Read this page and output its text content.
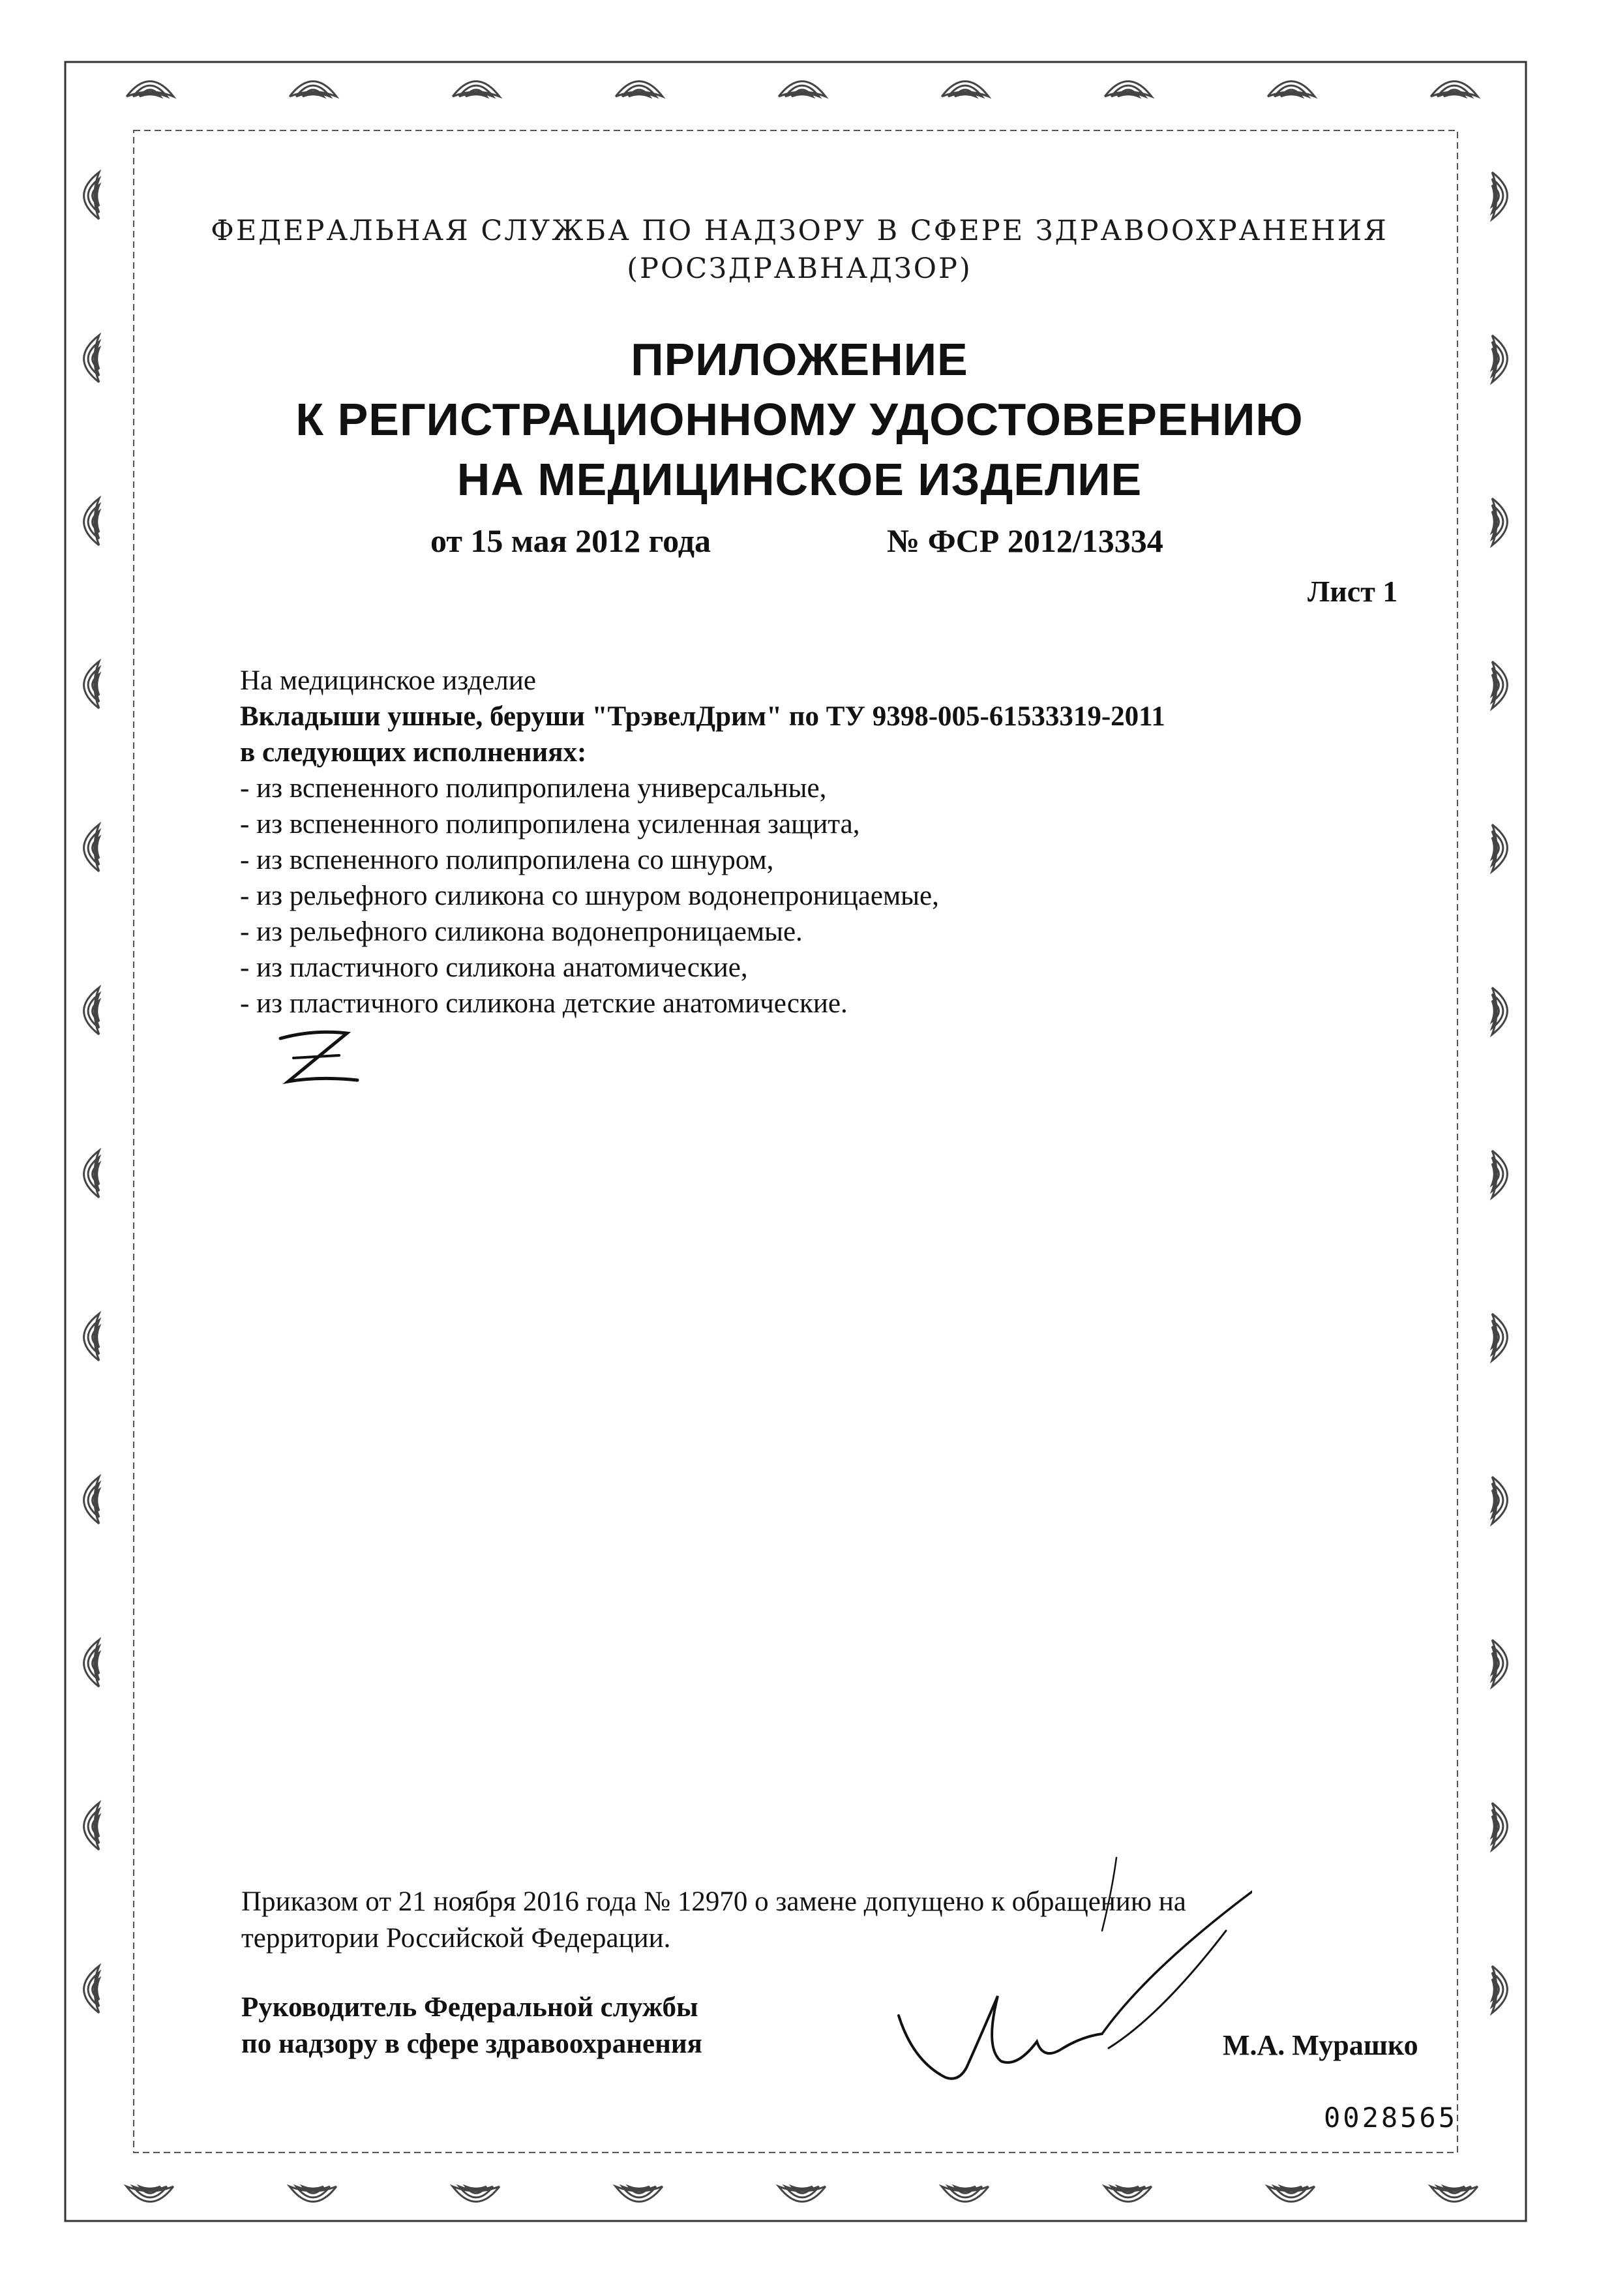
ФЕДЕРАЛЬНАЯ СЛУЖБА ПО НАДЗОРУ В СФЕРЕ ЗДРАВООХРАНЕНИЯ
(РОСЗДРАВНАДЗОР)
ПРИЛОЖЕНИЕ
К РЕГИСТРАЦИОННОМУ УДОСТОВЕРЕНИЮ
НА МЕДИЦИНСКОЕ ИЗДЕЛИЕ
от 15 мая 2012 года	№ ФСР 2012/13334
Лист 1
На медицинское изделие
Вкладыши ушные, беруши "ТрэвелДрим" по ТУ 9398-005-61533319-2011
в следующих исполнениях:
- из вспененного полипропилена универсальные,
- из вспененного полипропилена усиленная защита,
- из вспененного полипропилена со шнуром,
- из рельефного силикона со шнуром водонепроницаемые,
- из рельефного силикона водонепроницаемые.
- из пластичного силикона анатомические,
- из пластичного силикона детские анатомические.
Приказом от 21 ноября 2016 года № 12970 о замене допущено к обращению на
территории Российской Федерации.
Руководитель Федеральной службы
по надзору в сфере здравоохранения	М.А. Мурашко
0028565
